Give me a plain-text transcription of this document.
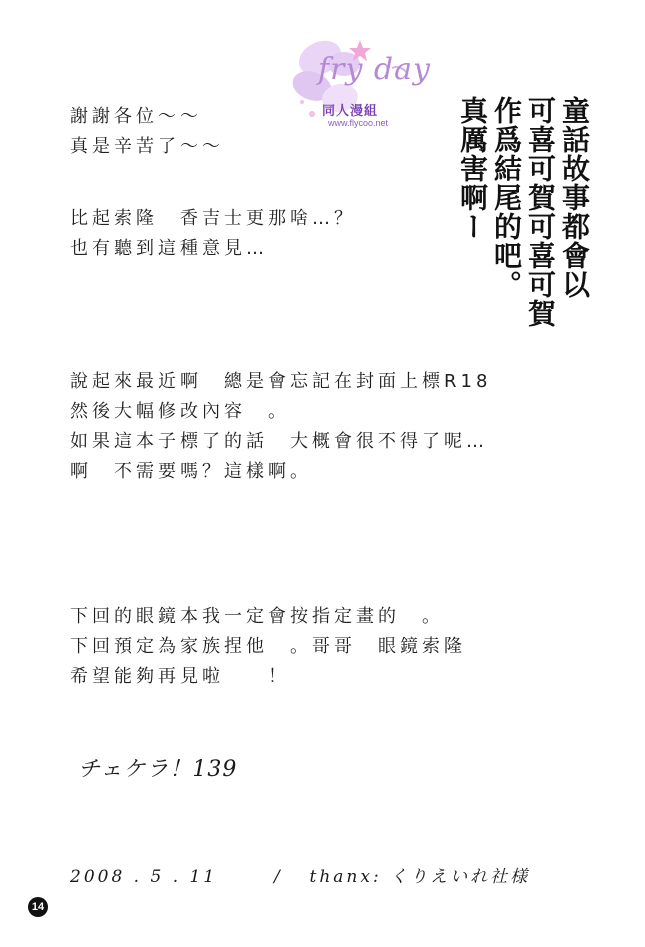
fry day
同人漫組
www.flycoo.net
謝謝各位～～
真是辛苦了～～
比起索隆　香吉士更那啥…？
也有聽到這種意見…
說起來最近啊　總是會忘記在封面上標R18
然後大幅修改內容　。
如果這本子標了的話　大概會很不得了呢…
啊　不需要嗎？這樣啊。
下回的眼鏡本我一定會按指定畫的　。
下回預定為家族捏他　。哥哥　眼鏡索隆
希望能夠再見啦　　！
童話故事都會以
可喜可賀可喜可賀
作爲結尾的吧。
真厲害啊ー
チェケラ！139
2008 . 5 . 11	/ thanx: くりえいれ社様
14
